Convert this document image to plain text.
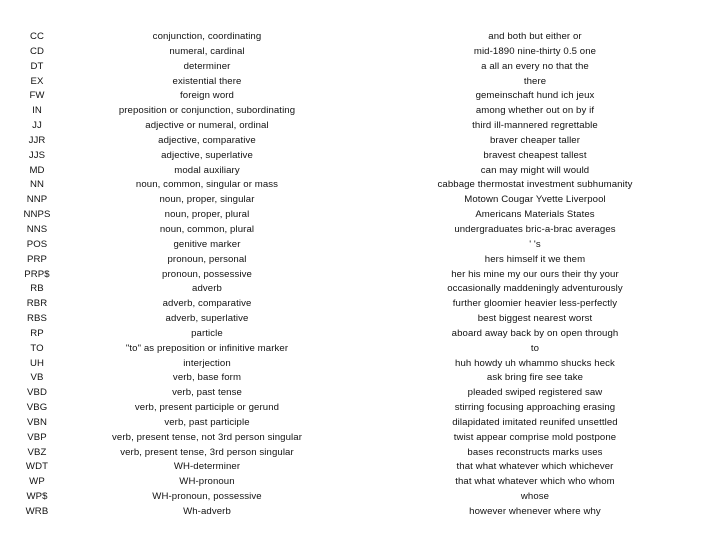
CC	conjunction, coordinating	and both but either or
CD	numeral, cardinal	mid-1890 nine-thirty 0.5 one
DT	determiner	a all an every no that the
EX	existential there	there
FW	foreign word	gemeinschaft hund ich jeux
IN	preposition or conjunction, subordinating	among whether out on by if
JJ	adjective or numeral, ordinal	third ill-mannered regrettable
JJR	adjective, comparative	braver cheaper taller
JJS	adjective, superlative	bravest cheapest tallest
MD	modal auxiliary	can may might will would
NN	noun, common, singular or mass	cabbage thermostat investment subhumanity
NNP	noun, proper, singular	Motown Cougar Yvette Liverpool
NNPS	noun, proper, plural	Americans Materials States
NNS	noun, common, plural	undergraduates bric-a-brac averages
POS	genitive marker	' 's
PRP	pronoun, personal	hers himself it we them
PRP$	pronoun, possessive	her his mine my our ours their thy your
RB	adverb	occasionally maddeningly adventurously
RBR	adverb, comparative	further gloomier heavier less-perfectly
RBS	adverb, superlative	best biggest nearest worst
RP	particle	aboard away back by on open through
TO	"to" as preposition or infinitive marker	to
UH	interjection	huh howdy uh whammo shucks heck
VB	verb, base form	ask bring fire see take
VBD	verb, past tense	pleaded swiped registered saw
VBG	verb, present participle or gerund	stirring focusing approaching erasing
VBN	verb, past participle	dilapidated imitated reunifed unsettled
VBP	verb, present tense, not 3rd person singular	twist appear comprise mold postpone
VBZ	verb, present tense, 3rd person singular	bases reconstructs marks uses
WDT	WH-determiner	that what whatever which whichever
WP	WH-pronoun	that what whatever which who whom
WP$	WH-pronoun, possessive	whose
WRB	Wh-adverb	however whenever where why
